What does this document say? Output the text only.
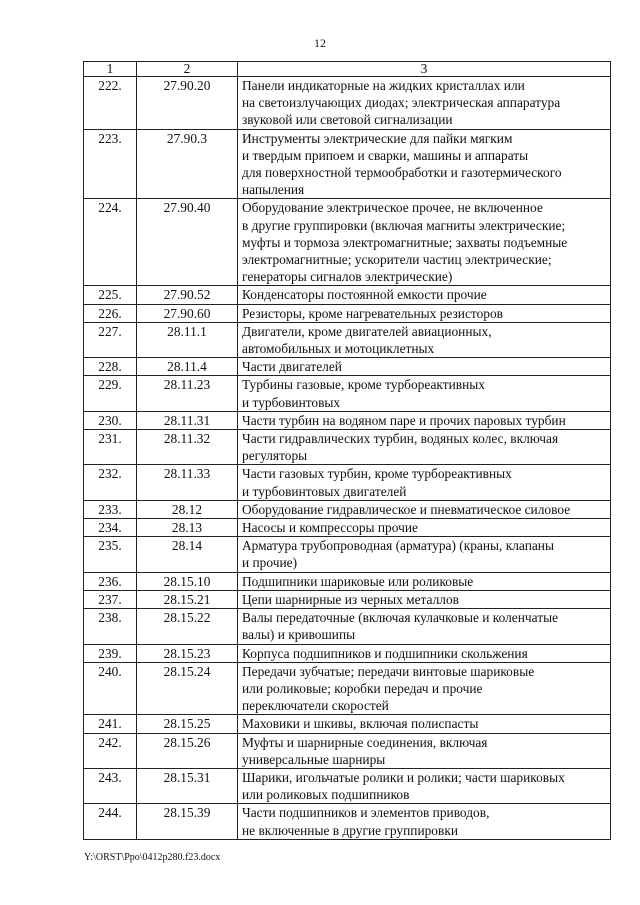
12
1	2	3
222.	27.90.20	Панели индикаторные на жидких кристаллах или
на светоизлучающих диодах; электрическая аппаратура
звуковой или световой сигнализации

223.	27.90.3	Инструменты электрические для пайки мягким
и твердым припоем и сварки, машины и аппараты
для поверхностной термообработки и газотермического
напыления

224.	27.90.40	Оборудование электрическое прочее, не включенное
в другие группировки (включая магниты электрические;
муфты и тормоза электромагнитные; захваты подъемные
электромагнитные; ускорители частиц электрические;
генераторы сигналов электрические)

225.	27.90.52	Конденсаторы постоянной емкости прочие

226.	27.90.60	Резисторы, кроме нагревательных резисторов

227.	28.11.1	Двигатели, кроме двигателей авиационных,
автомобильных и мотоциклетных

228.	28.11.4	Части двигателей

229.	28.11.23	Турбины газовые, кроме турбореактивных
и турбовинтовых

230.	28.11.31	Части турбин на водяном паре и прочих паровых турбин

231.	28.11.32	Части гидравлических турбин, водяных колес, включая
регуляторы

232.	28.11.33	Части газовых турбин, кроме турбореактивных
и турбовинтовых двигателей

233.	28.12	Оборудование гидравлическое и пневматическое силовое

234.	28.13	Насосы и компрессоры прочие

235.	28.14	Арматура трубопроводная (арматура) (краны, клапаны
и прочие)

236.	28.15.10	Подшипники шариковые или роликовые

237.	28.15.21	Цепи шарнирные из черных металлов

238.	28.15.22	Валы передаточные (включая кулачковые и коленчатые
валы) и кривошипы

239.	28.15.23	Корпуса подшипников и подшипники скольжения

240.	28.15.24	Передачи зубчатые; передачи винтовые шариковые
или роликовые; коробки передач и прочие
переключатели скоростей

241.	28.15.25	Маховики и шкивы, включая полиспасты

242.	28.15.26	Муфты и шарнирные соединения, включая
универсальные шарниры

243.	28.15.31	Шарики, игольчатые ролики и ролики; части шариковых
или роликовых подшипников

244.	28.15.39	Части подшипников и элементов приводов,
не включенные в другие группировки
Y:\ORST\Ppo\0412p280.f23.docx
